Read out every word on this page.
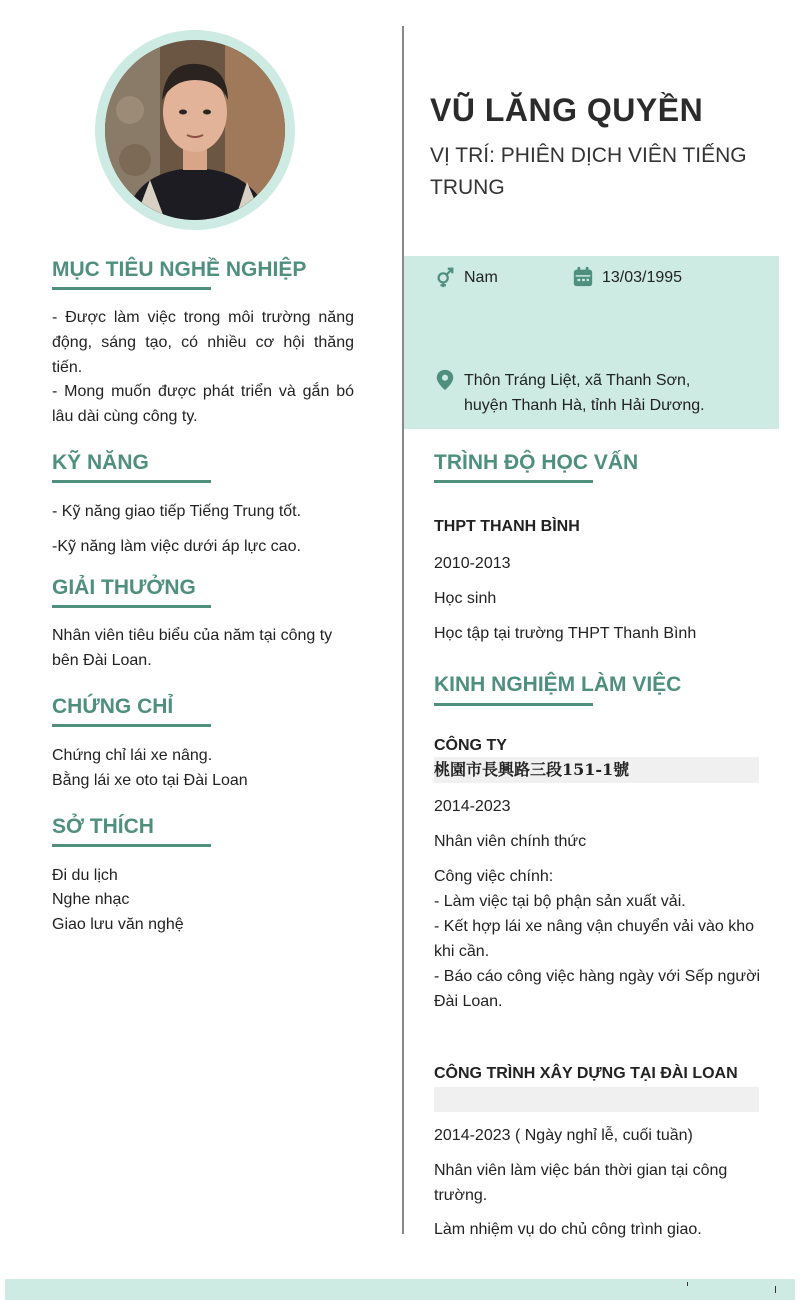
VŨ LĂNG QUYỀN
VỊ TRÍ: PHIÊN DỊCH VIÊN TIẾNG TRUNG
Nam	13/03/1995
Thôn Tráng Liệt, xã Thanh Sơn,
huyện Thanh Hà, tỉnh Hải Dương.
MỤC TIÊU NGHỀ NGHIỆP
- Được làm việc trong môi trường năng động, sáng tạo, có nhiều cơ hội thăng tiến.
- Mong muốn được phát triển và gắn bó lâu dài cùng công ty.
KỸ NĂNG
- Kỹ năng giao tiếp Tiếng Trung tốt.
-Kỹ năng làm việc dưới áp lực cao.
GIẢI THƯỞNG
Nhân viên tiêu biểu của năm tại công ty bên Đài Loan.
CHỨNG CHỈ
Chứng chỉ lái xe nâng.
Bằng lái xe oto tại Đài Loan
SỞ THÍCH
Đi du lịch
Nghe nhạc
Giao lưu văn nghệ
TRÌNH ĐỘ HỌC VẤN
THPT THANH BÌNH
2010-2013
Học sinh
Học tập tại trường THPT Thanh Bình
KINH NGHIỆM LÀM VIỆC
CÔNG TY
桃園市長興路三段151-1號
2014-2023
Nhân viên chính thức
Công việc chính:
- Làm việc tại bộ phận sản xuất vải.
- Kết hợp lái xe nâng vận chuyển vải vào kho khi cần.
- Báo cáo công việc hàng ngày với Sếp người Đài Loan.
CÔNG TRÌNH XÂY DỰNG TẠI ĐÀI LOAN
2014-2023 ( Ngày nghỉ lễ, cuối tuần)
Nhân viên làm việc bán thời gian tại công trường.
Làm nhiệm vụ do chủ công trình giao.
